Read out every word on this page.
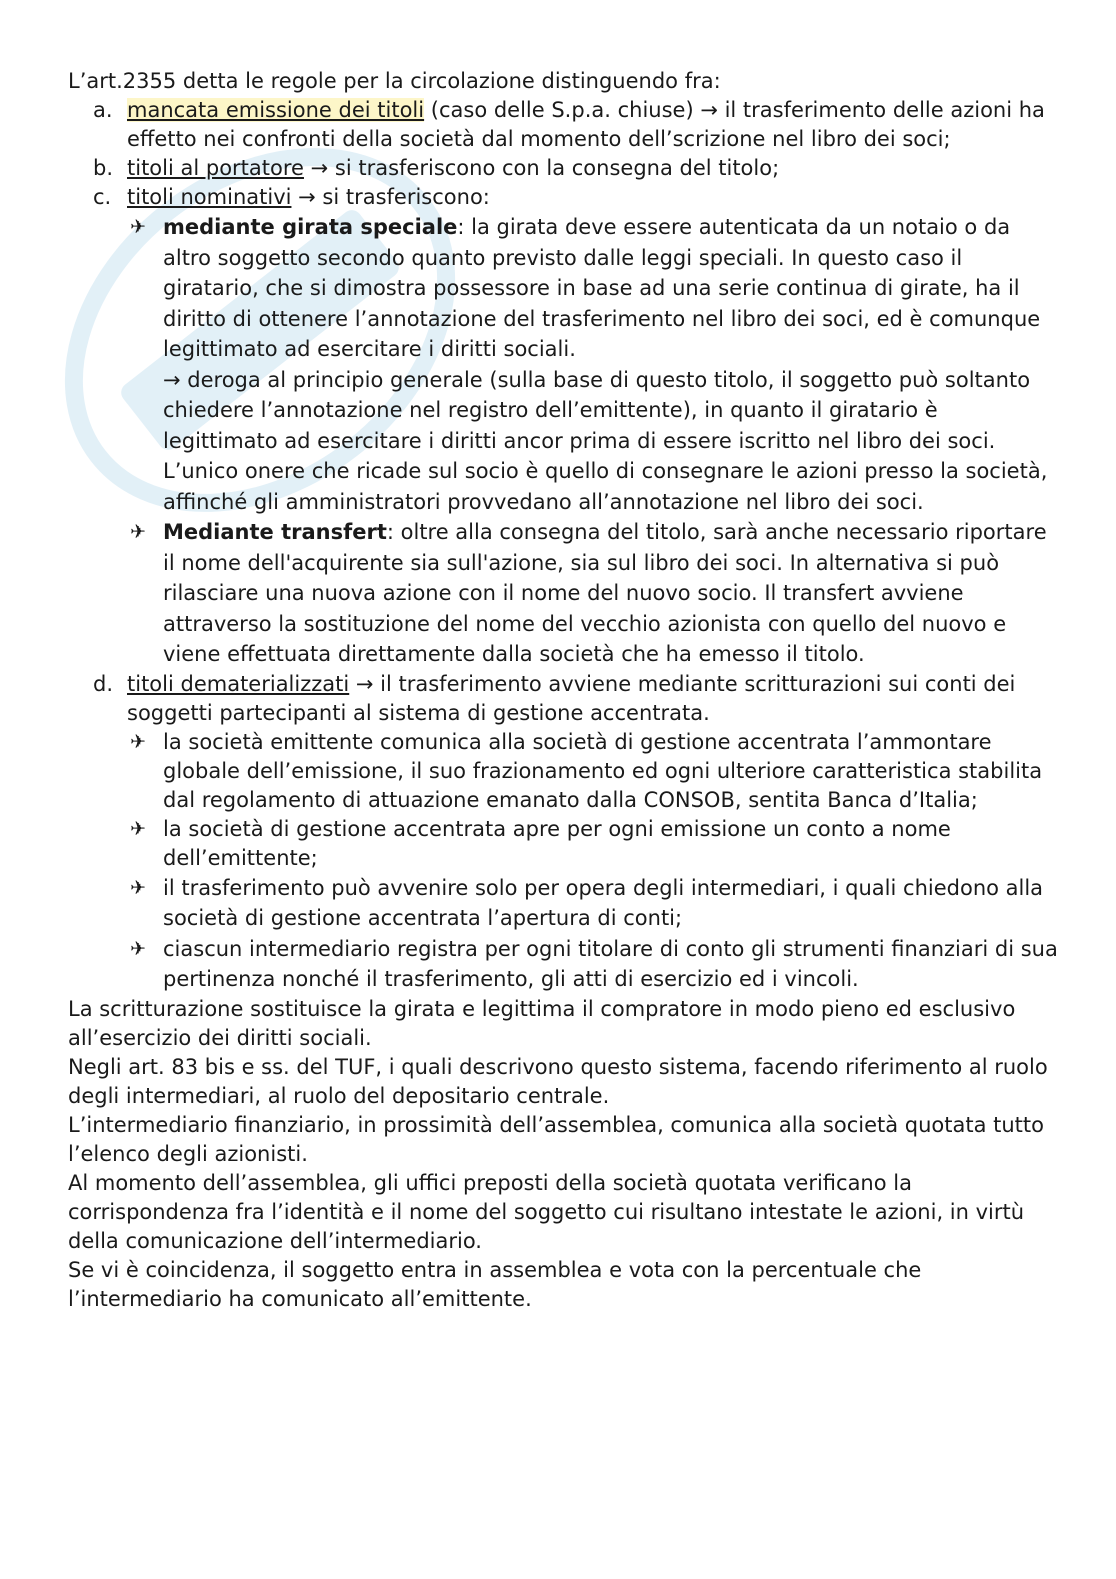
L’art.2355 detta le regole per la circolazione distinguendo fra:

a. mancata emissione dei titoli (caso delle S.p.a. chiuse) → il trasferimento delle azioni ha effetto nei confronti della società dal momento dell’scrizione nel libro dei soci;
b. titoli al portatore → si trasferiscono con la consegna del titolo;
c. titoli nominativi → si trasferiscono:
✈ mediante girata speciale: la girata deve essere autenticata da un notaio o da altro soggetto secondo quanto previsto dalle leggi speciali. In questo caso il giratario, che si dimostra possessore in base ad una serie continua di girate, ha il diritto di ottenere l’annotazione del trasferimento nel libro dei soci, ed è comunque legittimato ad esercitare i diritti sociali.
→ deroga al principio generale (sulla base di questo titolo, il soggetto può soltanto chiedere l’annotazione nel registro dell’emittente), in quanto il giratario è legittimato ad esercitare i diritti ancor prima di essere iscritto nel libro dei soci.
L’unico onere che ricade sul socio è quello di consegnare le azioni presso la società, affinché gli amministratori provvedano all’annotazione nel libro dei soci.
✈ Mediante transfert: oltre alla consegna del titolo, sarà anche necessario riportare il nome dell'acquirente sia sull'azione, sia sul libro dei soci. In alternativa si può rilasciare una nuova azione con il nome del nuovo socio. Il transfert avviene attraverso la sostituzione del nome del vecchio azionista con quello del nuovo e viene effettuata direttamente dalla società che ha emesso il titolo.
d. titoli dematerializzati → il trasferimento avviene mediante scritturazioni sui conti dei soggetti partecipanti al sistema di gestione accentrata.
✈ la società emittente comunica alla società di gestione accentrata l’ammontare globale dell’emissione, il suo frazionamento ed ogni ulteriore caratteristica stabilita dal regolamento di attuazione emanato dalla CONSOB, sentita Banca d’Italia;
✈ la società di gestione accentrata apre per ogni emissione un conto a nome dell’emittente;
✈ il trasferimento può avvenire solo per opera degli intermediari, i quali chiedono alla società di gestione accentrata l’apertura di conti;
✈ ciascun intermediario registra per ogni titolare di conto gli strumenti finanziari di sua pertinenza nonché il trasferimento, gli atti di esercizio ed i vincoli.

La scritturazione sostituisce la girata e legittima il compratore in modo pieno ed esclusivo all’esercizio dei diritti sociali.

Negli art. 83 bis e ss. del TUF, i quali descrivono questo sistema, facendo riferimento al ruolo degli intermediari, al ruolo del depositario centrale.

L’intermediario finanziario, in prossimità dell’assemblea, comunica alla società quotata tutto l’elenco degli azionisti.

Al momento dell’assemblea, gli uffici preposti della società quotata verificano la corrispondenza fra l’identità e il nome del soggetto cui risultano intestate le azioni, in virtù della comunicazione dell’intermediario.

Se vi è coincidenza, il soggetto entra in assemblea e vota con la percentuale che l’intermediario ha comunicato all’emittente.
